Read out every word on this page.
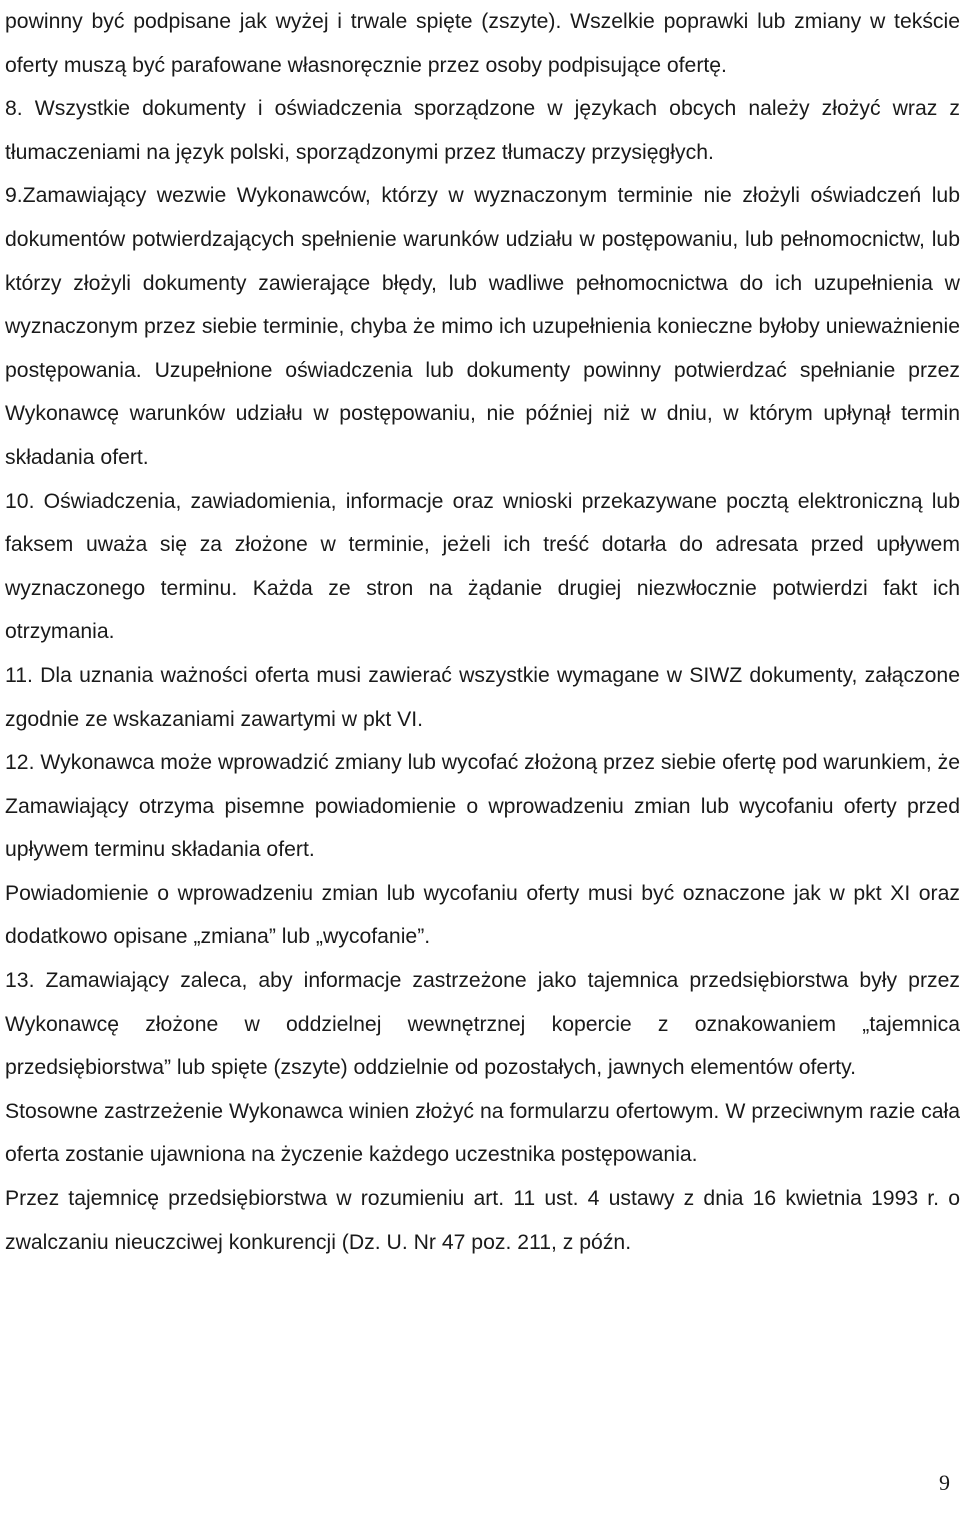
powinny być podpisane jak wyżej i trwale spięte (zszyte). Wszelkie poprawki lub zmiany w tekście oferty muszą być parafowane własnoręcznie przez osoby podpisujące ofertę.

8. Wszystkie dokumenty i oświadczenia sporządzone w językach obcych należy złożyć wraz z tłumaczeniami na język polski, sporządzonymi przez tłumaczy przysięgłych.

9.Zamawiający wezwie Wykonawców, którzy w wyznaczonym terminie nie złożyli oświadczeń lub dokumentów potwierdzających spełnienie warunków udziału w postępowaniu, lub pełnomocnictw, lub którzy złożyli dokumenty zawierające błędy, lub wadliwe pełnomocnictwa do ich uzupełnienia w wyznaczonym przez siebie terminie, chyba że mimo ich uzupełnienia konieczne byłoby unieważnienie postępowania. Uzupełnione oświadczenia lub dokumenty powinny potwierdzać spełnianie przez Wykonawcę warunków udziału w postępowaniu, nie później niż w dniu, w którym upłynął termin składania ofert.

10. Oświadczenia, zawiadomienia, informacje oraz wnioski przekazywane pocztą elektroniczną lub faksem uważa się za złożone w terminie, jeżeli ich treść dotarła do adresata przed upływem wyznaczonego terminu. Każda ze stron na żądanie drugiej niezwłocznie potwierdzi fakt ich otrzymania.

11. Dla uznania ważności oferta musi zawierać wszystkie wymagane w SIWZ dokumenty, załączone zgodnie ze wskazaniami zawartymi w pkt VI.

12. Wykonawca może wprowadzić zmiany lub wycofać złożoną przez siebie ofertę pod warunkiem, że Zamawiający otrzyma pisemne powiadomienie o wprowadzeniu zmian lub wycofaniu oferty przed upływem terminu składania ofert.

Powiadomienie o wprowadzeniu zmian lub wycofaniu oferty musi być oznaczone jak w pkt XI oraz dodatkowo opisane „zmiana” lub „wycofanie”.

13. Zamawiający zaleca, aby informacje zastrzeżone jako tajemnica przedsiębiorstwa były przez Wykonawcę złożone w oddzielnej wewnętrznej kopercie z oznakowaniem „tajemnica przedsiębiorstwa” lub spięte (zszyte) oddzielnie od pozostałych, jawnych elementów oferty.

Stosowne zastrzeżenie Wykonawca winien złożyć na formularzu ofertowym. W przeciwnym razie cała oferta zostanie ujawniona na życzenie każdego uczestnika postępowania.

Przez tajemnicę przedsiębiorstwa w rozumieniu art. 11 ust. 4 ustawy z dnia 16 kwietnia 1993 r. o zwalczaniu nieuczciwej konkurencji (Dz. U. Nr 47 poz. 211, z późn.

9
